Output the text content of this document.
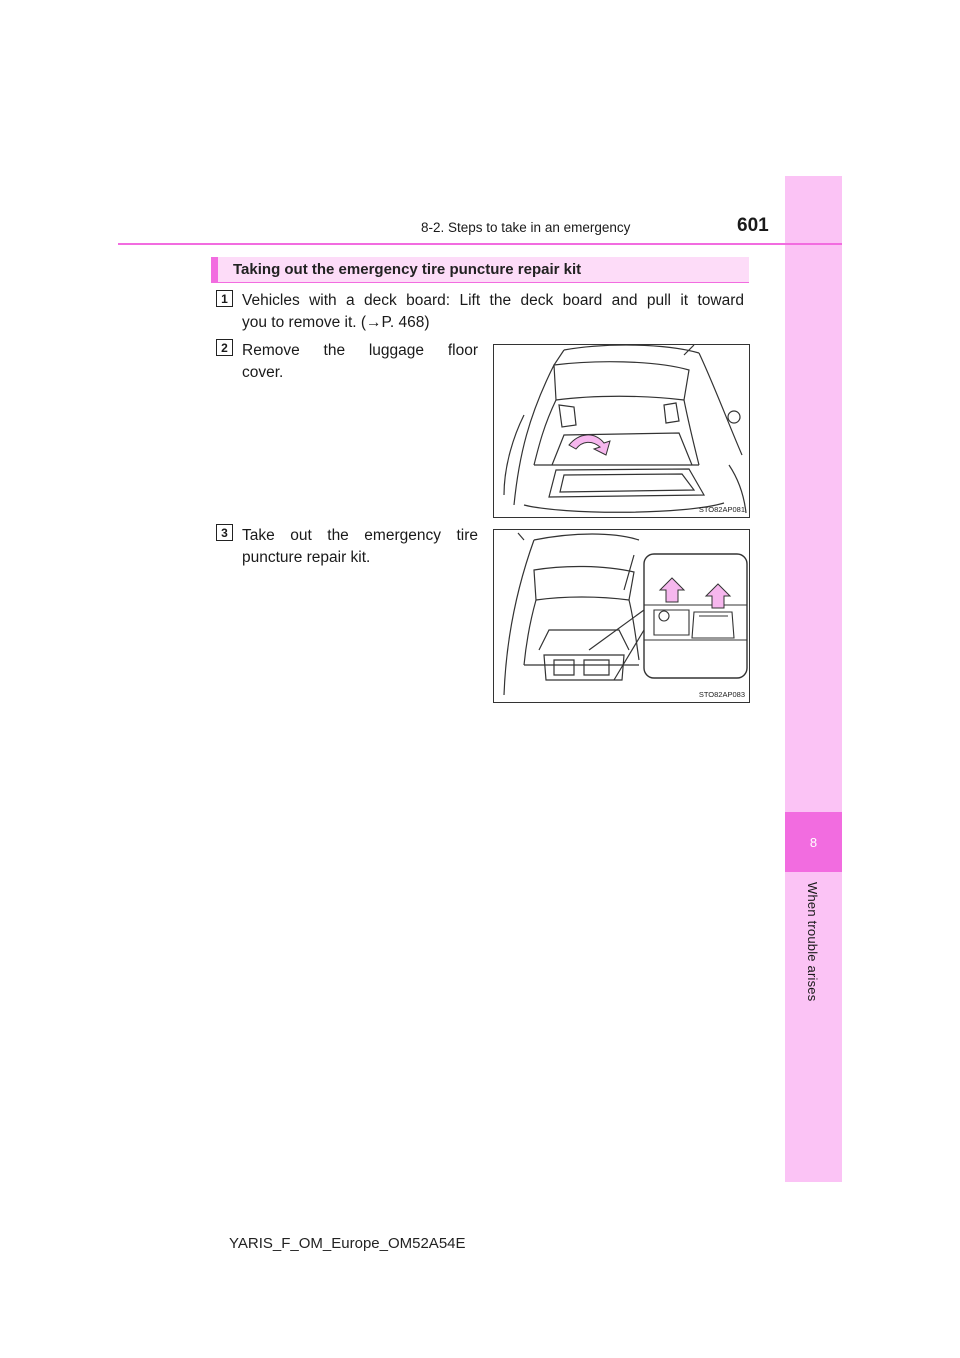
8
When trouble arises
8-2. Steps to take in an emergency	601
Taking out the emergency tire puncture repair kit
1 Vehicles with a deck board: Lift the deck board and pull it toward
you to remove it. (→P. 468)
2 Remove the luggage floor
cover.
STO82AP081
3 Take out the emergency tire
puncture repair kit.
STO82AP083
YARIS_F_OM_Europe_OM52A54E
